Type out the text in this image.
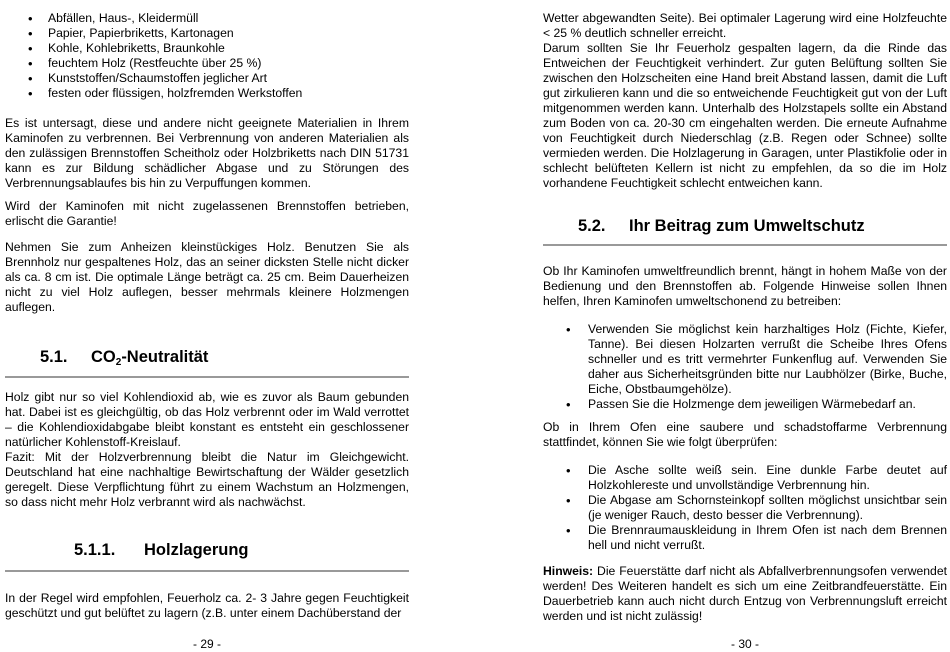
• Abfällen, Haus-, Kleidermüll
• Papier, Papierbriketts, Kartonagen
• Kohle, Kohlebriketts, Braunkohle
• feuchtem Holz (Restfeuchte über 25 %)
• Kunststoffen/Schaumstoffen jeglicher Art
• festen oder flüssigen, holzfremden Werkstoffen

Es ist untersagt, diese und andere nicht geeignete Materialien in Ihrem Kaminofen zu verbrennen. Bei Verbrennung von anderen Materialien als den zulässigen Brennstoffen Scheitholz oder Holzbriketts nach DIN 51731 kann es zur Bildung schädlicher Abgase und zu Störungen des Verbrennungsablaufes bis hin zu Verpuffungen kommen.

Wird der Kaminofen mit nicht zugelassenen Brennstoffen betrieben, erlischt die Garantie!

Nehmen Sie zum Anheizen kleinstückiges Holz. Benutzen Sie als Brennholz nur gespaltenes Holz, das an seiner dicksten Stelle nicht dicker als ca. 8 cm ist. Die optimale Länge beträgt ca. 25 cm. Beim Dauerheizen nicht zu viel Holz auflegen, besser mehrmals kleinere Holzmengen auflegen.

5.1. $CO_2$-Neutralität

Holz gibt nur so viel Kohlendioxid ab, wie es zuvor als Baum gebunden hat. Dabei ist es gleichgültig, ob das Holz verbrennt oder im Wald verrottet – die Kohlendioxidabgabe bleibt konstant es entsteht ein geschlossener natürlicher Kohlenstoff-Kreislauf.

Fazit: Mit der Holzverbrennung bleibt die Natur im Gleichgewicht. Deutschland hat eine nachhaltige Bewirtschaftung der Wälder gesetzlich geregelt. Diese Verpflichtung führt zu einem Wachstum an Holzmengen, so dass nicht mehr Holz verbrannt wird als nachwächst.

5.1.1. Holzlagerung

In der Regel wird empfohlen, Feuerholz ca. 2- 3 Jahre gegen Feuchtigkeit geschützt und gut belüftet zu lagern (z.B. unter einem Dachüberstand der

- 29 -

Wetter abgewandten Seite). Bei optimaler Lagerung wird eine Holzfeuchte < 25 % deutlich schneller erreicht.

Darum sollten Sie Ihr Feuerholz gespalten lagern, da die Rinde das Entweichen der Feuchtigkeit verhindert. Zur guten Belüftung sollten Sie zwischen den Holzscheiten eine Hand breit Abstand lassen, damit die Luft gut zirkulieren kann und die so entweichende Feuchtigkeit gut von der Luft mitgenommen werden kann. Unterhalb des Holzstapels sollte ein Abstand zum Boden von ca. 20-30 cm eingehalten werden. Die erneute Aufnahme von Feuchtigkeit durch Niederschlag (z.B. Regen oder Schnee) sollte vermieden werden. Die Holzlagerung in Garagen, unter Plastikfolie oder in schlecht belüfteten Kellern ist nicht zu empfehlen, da so die im Holz vorhandene Feuchtigkeit schlecht entweichen kann.

5.2. Ihr Beitrag zum Umweltschutz

Ob Ihr Kaminofen umweltfreundlich brennt, hängt in hohem Maße von der Bedienung und den Brennstoffen ab. Folgende Hinweise sollen Ihnen helfen, Ihren Kaminofen umweltschonend zu betreiben:

• Verwenden Sie möglichst kein harzhaltiges Holz (Fichte, Kiefer, Tanne). Bei diesen Holzarten verrußt die Scheibe Ihres Ofens schneller und es tritt vermehrter Funkenflug auf. Verwenden Sie daher aus Sicherheitsgründen bitte nur Laubhölzer (Birke, Buche, Eiche, Obstbaumgehölze).

• Passen Sie die Holzmenge dem jeweiligen Wärmebedarf an.

Ob in Ihrem Ofen eine saubere und schadstoffarme Verbrennung stattfindet, können Sie wie folgt überprüfen:

• Die Asche sollte weiß sein. Eine dunkle Farbe deutet auf Holzkohlereste und unvollständige Verbrennung hin.

• Die Abgase am Schornsteinkopf sollten möglichst unsichtbar sein (je weniger Rauch, desto besser die Verbrennung).

• Die Brennraumauskleidung in Ihrem Ofen ist nach dem Brennen hell und nicht verrußt.

Hinweis: Die Feuerstätte darf nicht als Abfallverbrennungsofen verwendet werden! Des Weiteren handelt es sich um eine Zeitbrandfeuerstätte. Ein Dauerbetrieb kann auch nicht durch Entzug von Verbrennungsluft erreicht werden und ist nicht zulässig!

- 30 -
